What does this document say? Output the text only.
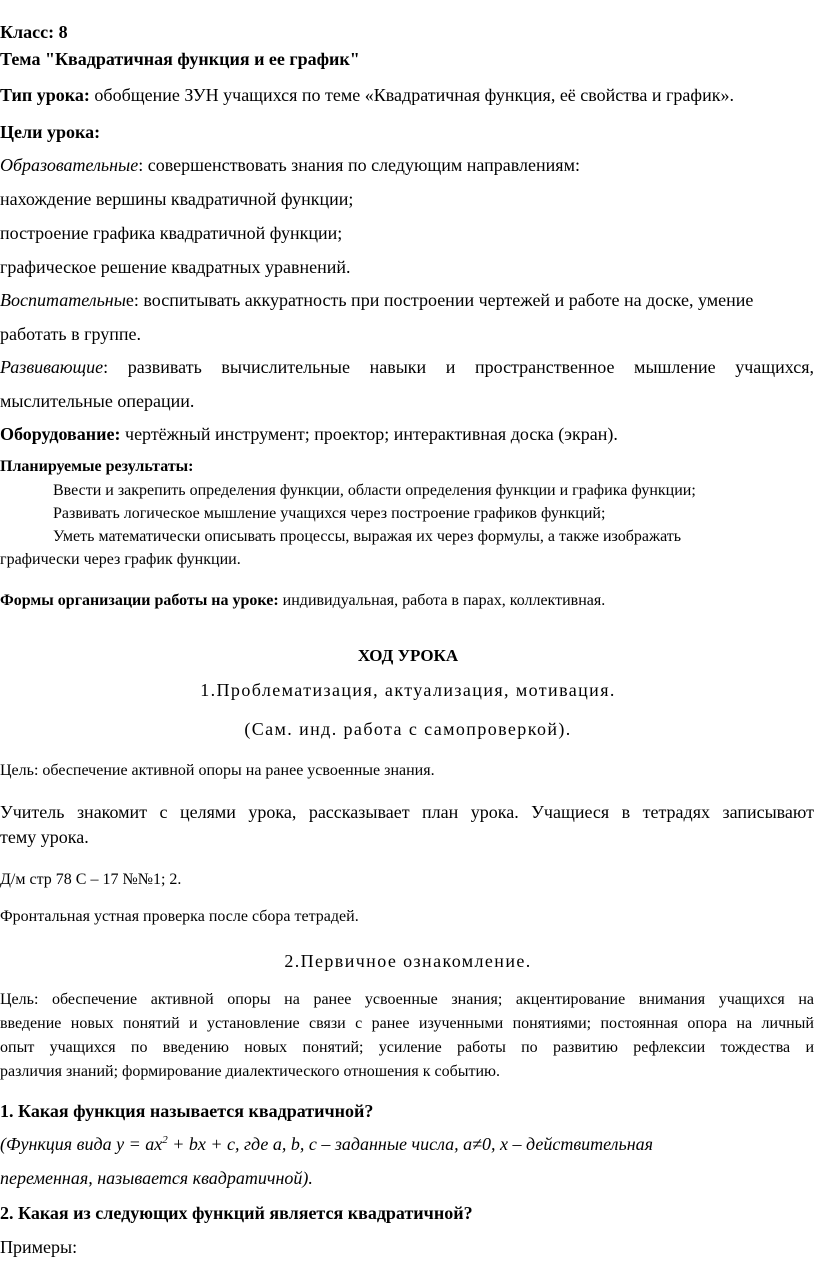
Класс: 8
Тема "Квадратичная функция и ее график"
Тип урока: обобщение ЗУН учащихся по теме «Квадратичная функция, её свойства и график».
Цели урока:
Образовательные: совершенствовать знания по следующим направлениям:
нахождение вершины квадратичной функции;
построение графика квадратичной функции;
графическое решение квадратных уравнений.
Воспитательные: воспитывать аккуратность при построении чертежей и работе на доске, умение
работать в группе.
Развивающие: развивать вычислительные навыки и пространственное мышление учащихся,
мыслительные операции.
Оборудование: чертёжный инструмент; проектор; интерактивная доска (экран).
Планируемые результаты:
Ввести и закрепить определения функции, области определения функции и графика функции;
Развивать логическое мышление учащихся через построение графиков функций;
Уметь математически описывать процессы, выражая их через формулы, а также изображать
графически через график функции.
Формы организации работы на уроке: индивидуальная, работа в парах, коллективная.
ХОД УРОКА
1.Проблематизация, актуализация, мотивация.
(Сам. инд. работа с самопроверкой).
Цель: обеспечение активной опоры на ранее усвоенные знания.
Учитель знакомит с целями урока, рассказывает план урока. Учащиеся в тетрадях записывают
тему урока.
Д/м стр 78 С – 17 №№1; 2.
Фронтальная устная проверка после сбора тетрадей.
2.Первичное ознакомление.
Цель: обеспечение активной опоры на ранее усвоенные знания; акцентирование внимания учащихся на
введение новых понятий и установление связи с ранее изученными понятиями; постоянная опора на личный
опыт учащихся по введению новых понятий; усиление работы по развитию рефлексии тождества и
различия знаний; формирование диалектического отношения к событию.
1. Какая функция называется квадратичной?
(Функция вида $y = ax^2$ + bx + c, где a, b, c – заданные числа, a≠0, x – действительная
переменная, называется квадратичной).
2. Какая из следующих функций является квадратичной?
Примеры:
